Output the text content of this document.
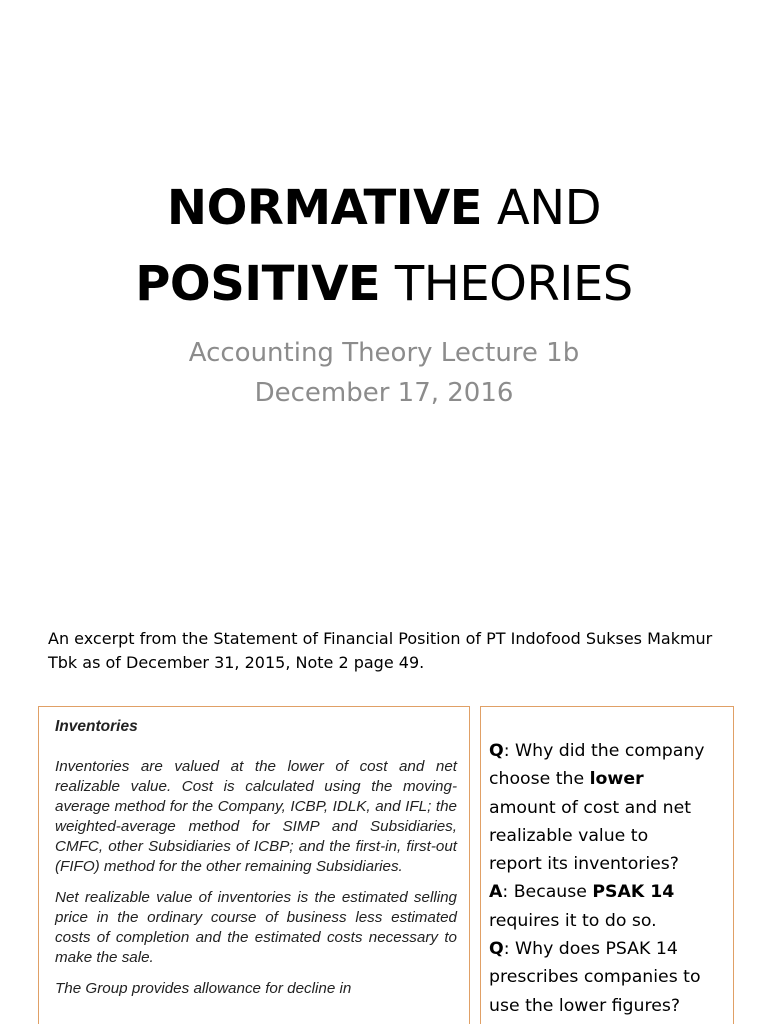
NORMATIVE AND
POSITIVE THEORIES
Accounting Theory Lecture 1b
December 17, 2016
An excerpt from the Statement of Financial Position of PT Indofood Sukses Makmur Tbk as of December 31, 2015, Note 2 page 49.
Inventories

Inventories are valued at the lower of cost and net realizable value. Cost is calculated using the moving-average method for the Company, ICBP, IDLK, and IFL; the weighted-average method for SIMP and Subsidiaries, CMFC, other Subsidiaries of ICBP; and the first-in, first-out (FIFO) method for the other remaining Subsidiaries.

Net realizable value of inventories is the estimated selling price in the ordinary course of business less estimated costs of completion and the estimated costs necessary to make the sale.

The Group provides allowance for decline in

Q: Why did the company
choose the lower
amount of cost and net
realizable value to
report its inventories?
A: Because PSAK 14
requires it to do so.
Q: Why does PSAK 14
prescribes companies to
use the lower figures?
